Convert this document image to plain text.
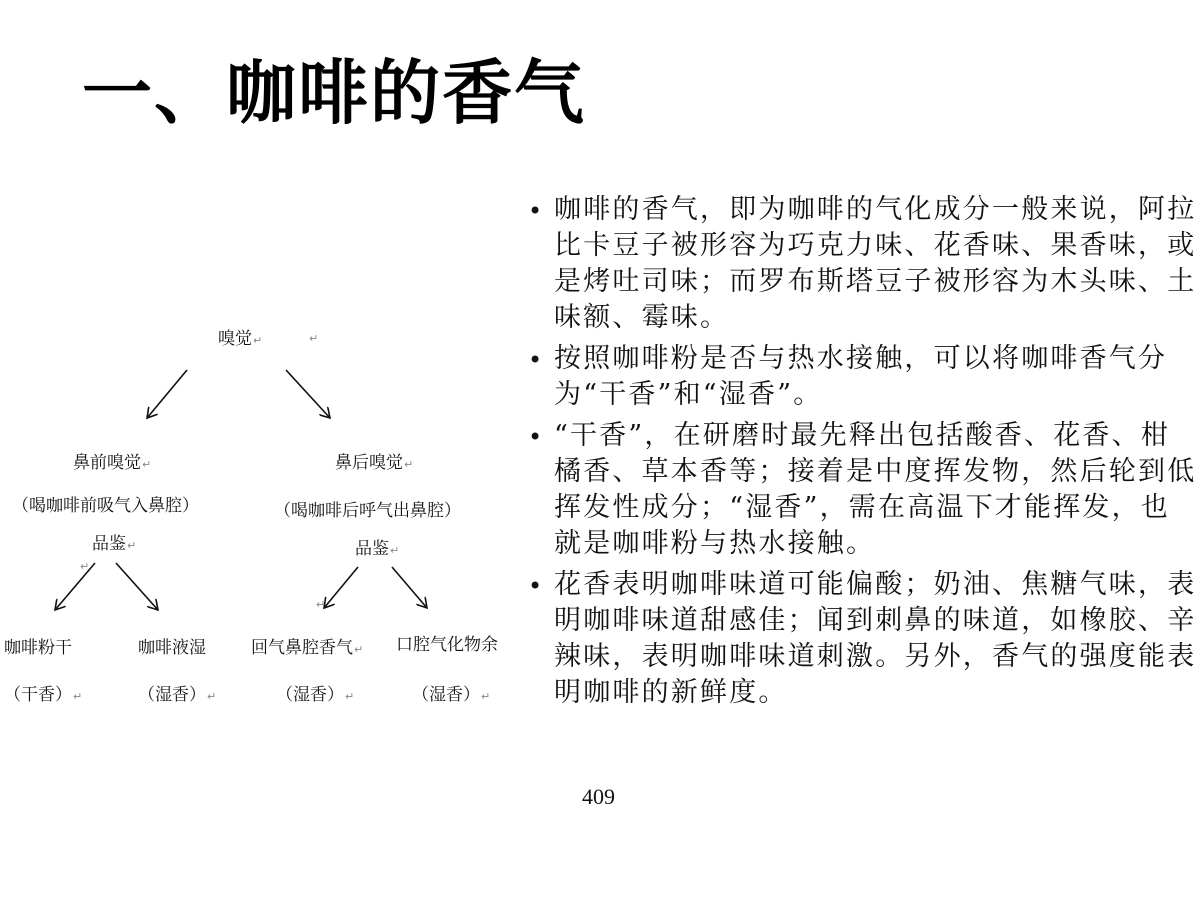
一、咖啡的香气
嗅觉↵	↵
鼻前嗅觉↵
（喝咖啡前吸气入鼻腔）
品鉴↵
鼻后嗅觉↵
（喝咖啡后呼气出鼻腔）
品鉴↵
↵
↵
咖啡粉干
（干香）↵
咖啡液湿
（湿香）↵
回气鼻腔香气↵
（湿香）↵
口腔气化物余
（湿香）↵
• 咖啡的香气，即为咖啡的气化成分一般来说，阿拉比卡豆子被形容为巧克力味、花香味、果香味，或是烤吐司味；而罗布斯塔豆子被形容为木头味、土味额、霉味。
• 按照咖啡粉是否与热水接触，可以将咖啡香气分为“干香”和“湿香”。
• “干香”，在研磨时最先释出包括酸香、花香、柑橘香、草本香等；接着是中度挥发物，然后轮到低挥发性成分；“湿香”，需在高温下才能挥发，也就是咖啡粉与热水接触。
• 花香表明咖啡味道可能偏酸；奶油、焦糖气味，表明咖啡味道甜感佳；闻到刺鼻的味道，如橡胶、辛辣味，表明咖啡味道刺激。另外，香气的强度能表明咖啡的新鲜度。
409
